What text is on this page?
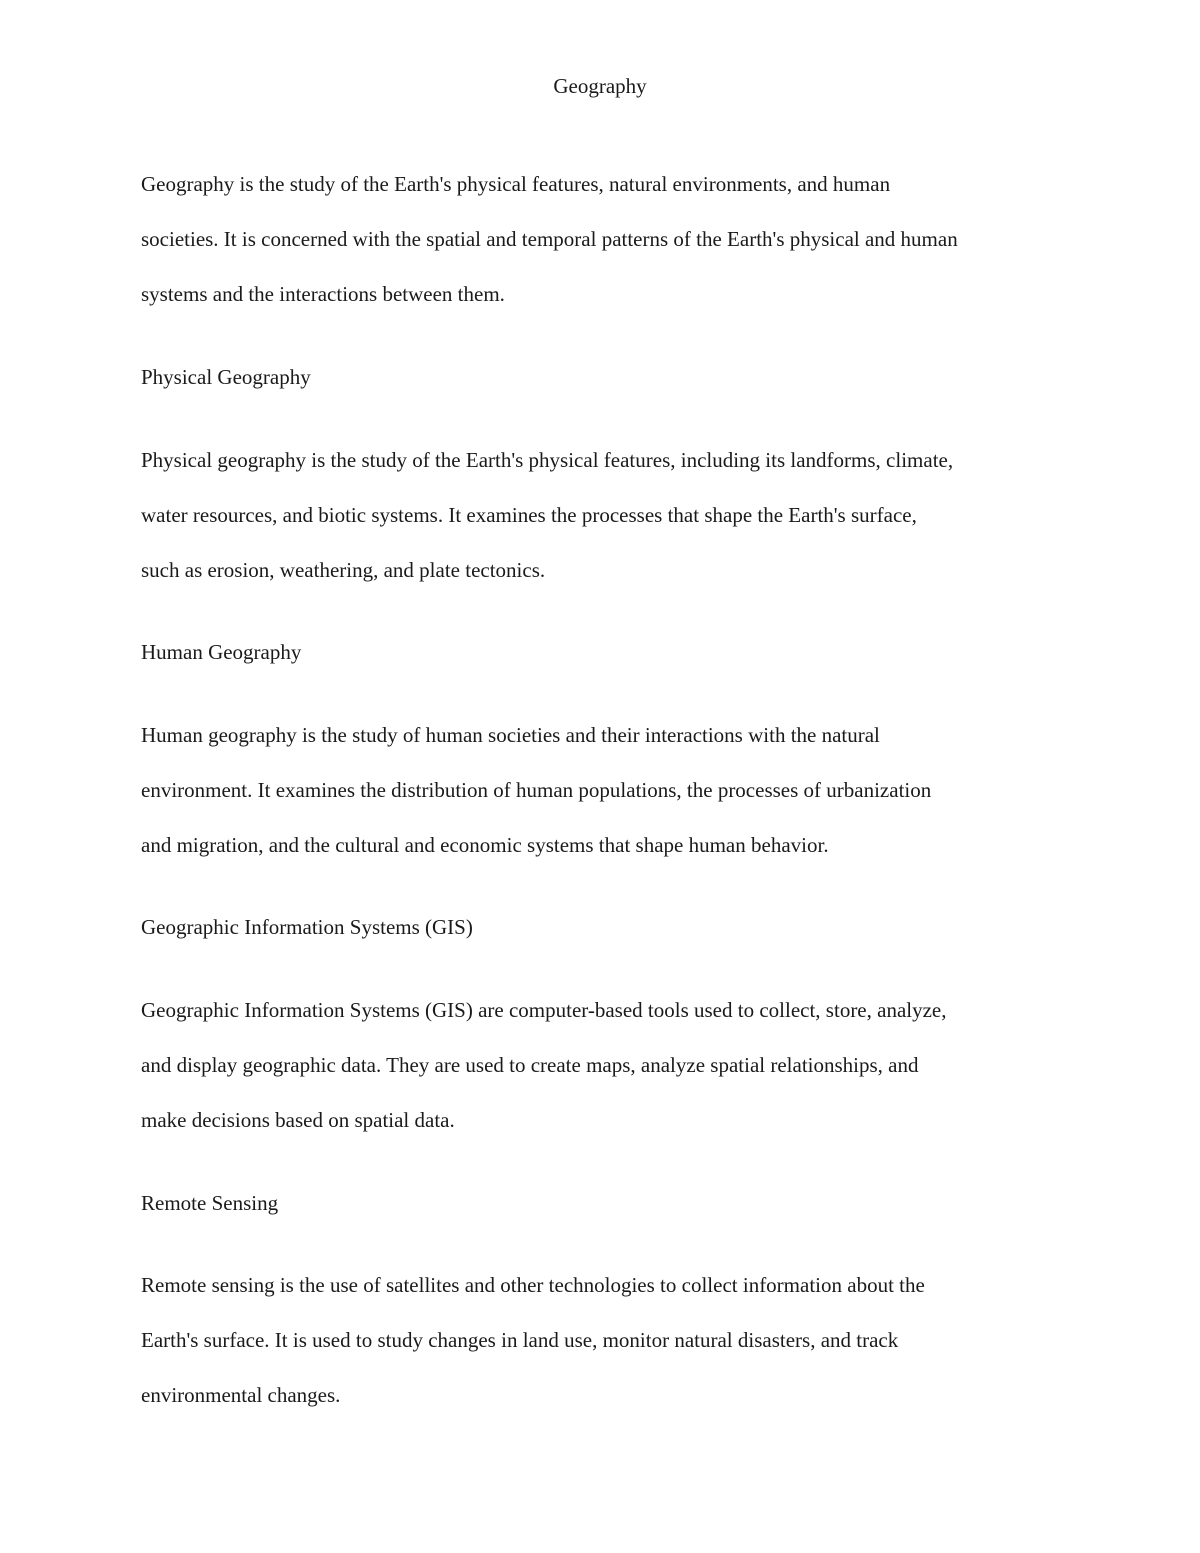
Geography
Geography is the study of the Earth's physical features, natural environments, and human
societies. It is concerned with the spatial and temporal patterns of the Earth's physical and human
systems and the interactions between them.
Physical Geography
Physical geography is the study of the Earth's physical features, including its landforms, climate,
water resources, and biotic systems. It examines the processes that shape the Earth's surface,
such as erosion, weathering, and plate tectonics.
Human Geography
Human geography is the study of human societies and their interactions with the natural
environment. It examines the distribution of human populations, the processes of urbanization
and migration, and the cultural and economic systems that shape human behavior.
Geographic Information Systems (GIS)
Geographic Information Systems (GIS) are computer-based tools used to collect, store, analyze,
and display geographic data. They are used to create maps, analyze spatial relationships, and
make decisions based on spatial data.
Remote Sensing
Remote sensing is the use of satellites and other technologies to collect information about the
Earth's surface. It is used to study changes in land use, monitor natural disasters, and track
environmental changes.
